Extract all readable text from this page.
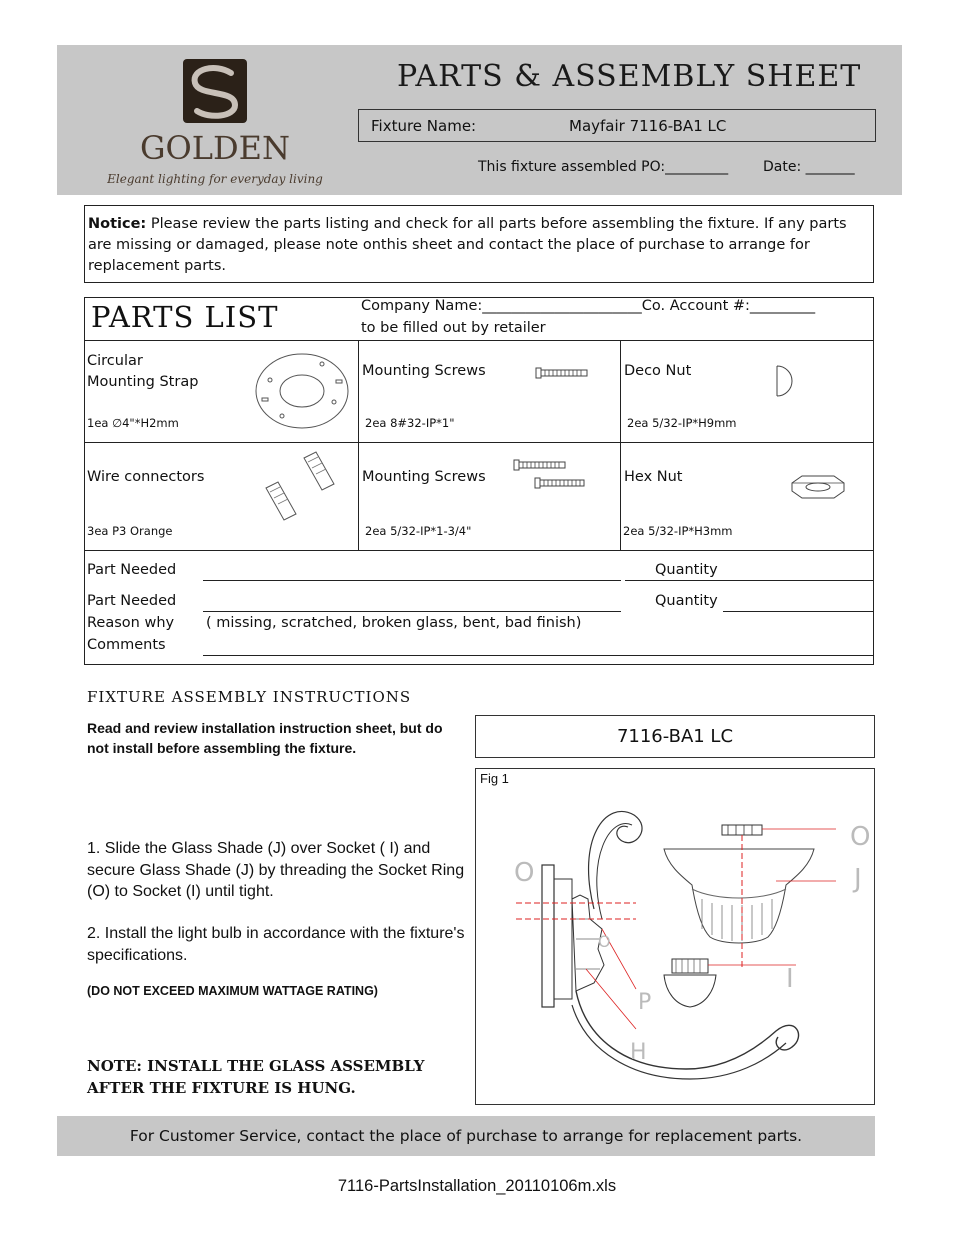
GOLDEN
Elegant lighting for everyday living
PARTS & ASSEMBLY SHEET
Fixture Name:	Mayfair 7116-BA1 LC
This fixture assembled PO:_________ Date: _______
Notice: Please review the parts listing and check for all parts before assembling the fixture. If any parts are missing or damaged, please note onthis sheet and contact the place of purchase to arrange for replacement parts.
PARTS LIST	Company Name:______________________Co. Account #:_________
to be filled out by retailer
Circular
Mounting Strap
1ea ∅4"*H2mm
Mounting Screws
2ea 8#32-IP*1"
Deco Nut
2ea 5/32-IP*H9mm
Wire connectors
3ea P3 Orange
Mounting Screws
2ea 5/32-IP*1-3/4"
Hex Nut
2ea 5/32-IP*H3mm
Part Needed	Quantity
Part Needed	Quantity
Reason why ( missing, scratched, broken glass, bent, bad finish)
Comments
FIXTURE ASSEMBLY INSTRUCTIONS
Read and review installation instruction sheet, but do not install before assembling the fixture.
7116-BA1 LC
Fig 1
O
O
J
I
P
H
O
1. Slide the Glass Shade (J) over Socket ( I) and secure Glass Shade (J) by threading the Socket Ring (O) to Socket (I) until tight.
2. Install the light bulb in accordance with the fixture's specifications.
(DO NOT EXCEED MAXIMUM WATTAGE RATING)
NOTE: INSTALL THE GLASS ASSEMBLY AFTER THE FIXTURE IS HUNG.
For Customer Service, contact the place of purchase to arrange for replacement parts.
7116-PartsInstallation_20110106m.xls
